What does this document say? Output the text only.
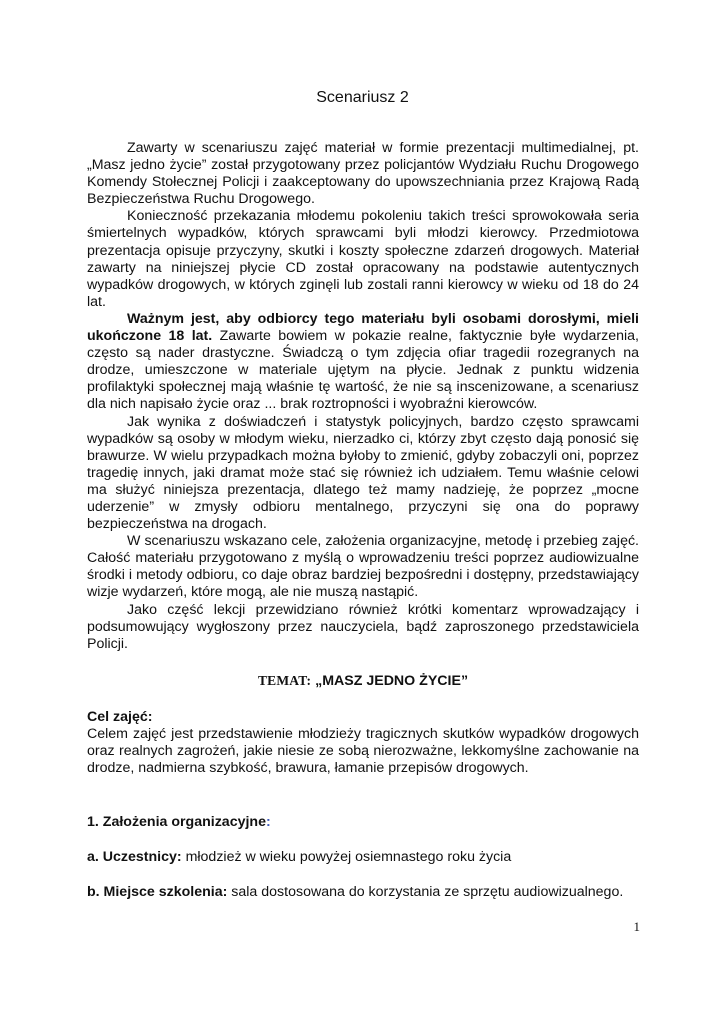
Scenariusz 2

Zawarty w scenariuszu zajęć materiał w formie prezentacji multimedialnej, pt. „Masz jedno życie” został przygotowany przez policjantów Wydziału Ruchu Drogowego Komendy Stołecznej Policji i zaakceptowany do upowszechniania przez Krajową Radą Bezpieczeństwa Ruchu Drogowego.

Konieczność przekazania młodemu pokoleniu takich treści sprowokowała seria śmiertelnych wypadków, których sprawcami byli młodzi kierowcy. Przedmiotowa prezentacja opisuje przyczyny, skutki i koszty społeczne zdarzeń drogowych. Materiał zawarty na niniejszej płycie CD został opracowany na podstawie autentycznych wypadków drogowych, w których zginęli lub zostali ranni kierowcy w wieku od 18 do 24 lat.

Ważnym jest, aby odbiorcy tego materiału byli osobami dorosłymi, mieli ukończone 18 lat. Zawarte bowiem w pokazie realne, faktycznie byłe wydarzenia, często są nader drastyczne. Świadczą o tym zdjęcia ofiar tragedii rozegranych na drodze, umieszczone w materiale ujętym na płycie. Jednak z punktu widzenia profilaktyki społecznej mają właśnie tę wartość, że nie są inscenizowane, a scenariusz dla nich napisało życie oraz ... brak roztropności i wyobraźni kierowców.

Jak wynika z doświadczeń i statystyk policyjnych, bardzo często sprawcami wypadków są osoby w młodym wieku, nierzadko ci, którzy zbyt często dają ponosić się brawurze. W wielu przypadkach można byłoby to zmienić, gdyby zobaczyli oni, poprzez tragedię innych, jaki dramat może stać się również ich udziałem. Temu właśnie celowi ma służyć niniejsza prezentacja, dlatego też mamy nadzieję, że poprzez „mocne uderzenie” w zmysły odbioru mentalnego, przyczyni się ona do poprawy bezpieczeństwa na drogach.

W scenariuszu wskazano cele, założenia organizacyjne, metodę i przebieg zajęć. Całość materiału przygotowano z myślą o wprowadzeniu treści poprzez audiowizualne środki i metody odbioru, co daje obraz bardziej bezpośredni i dostępny, przedstawiający wizje wydarzeń, które mogą, ale nie muszą nastąpić.

Jako część lekcji przewidziano również krótki komentarz wprowadzający i podsumowujący wygłoszony przez nauczyciela, bądź zaproszonego przedstawiciela Policji.

TEMAT: „MASZ JEDNO ŻYCIE”

Cel zajęć:

Celem zajęć jest przedstawienie młodzieży tragicznych skutków wypadków drogowych oraz realnych zagrożeń, jakie niesie ze sobą nierozważne, lekkomyślne zachowanie na drodze, nadmierna szybkość, brawura, łamanie przepisów drogowych.

1. Założenia organizacyjne:

a. Uczestnicy: młodzież w wieku powyżej osiemnastego roku życia

b. Miejsce szkolenia: sala dostosowana do korzystania ze sprzętu audiowizualnego.

1
